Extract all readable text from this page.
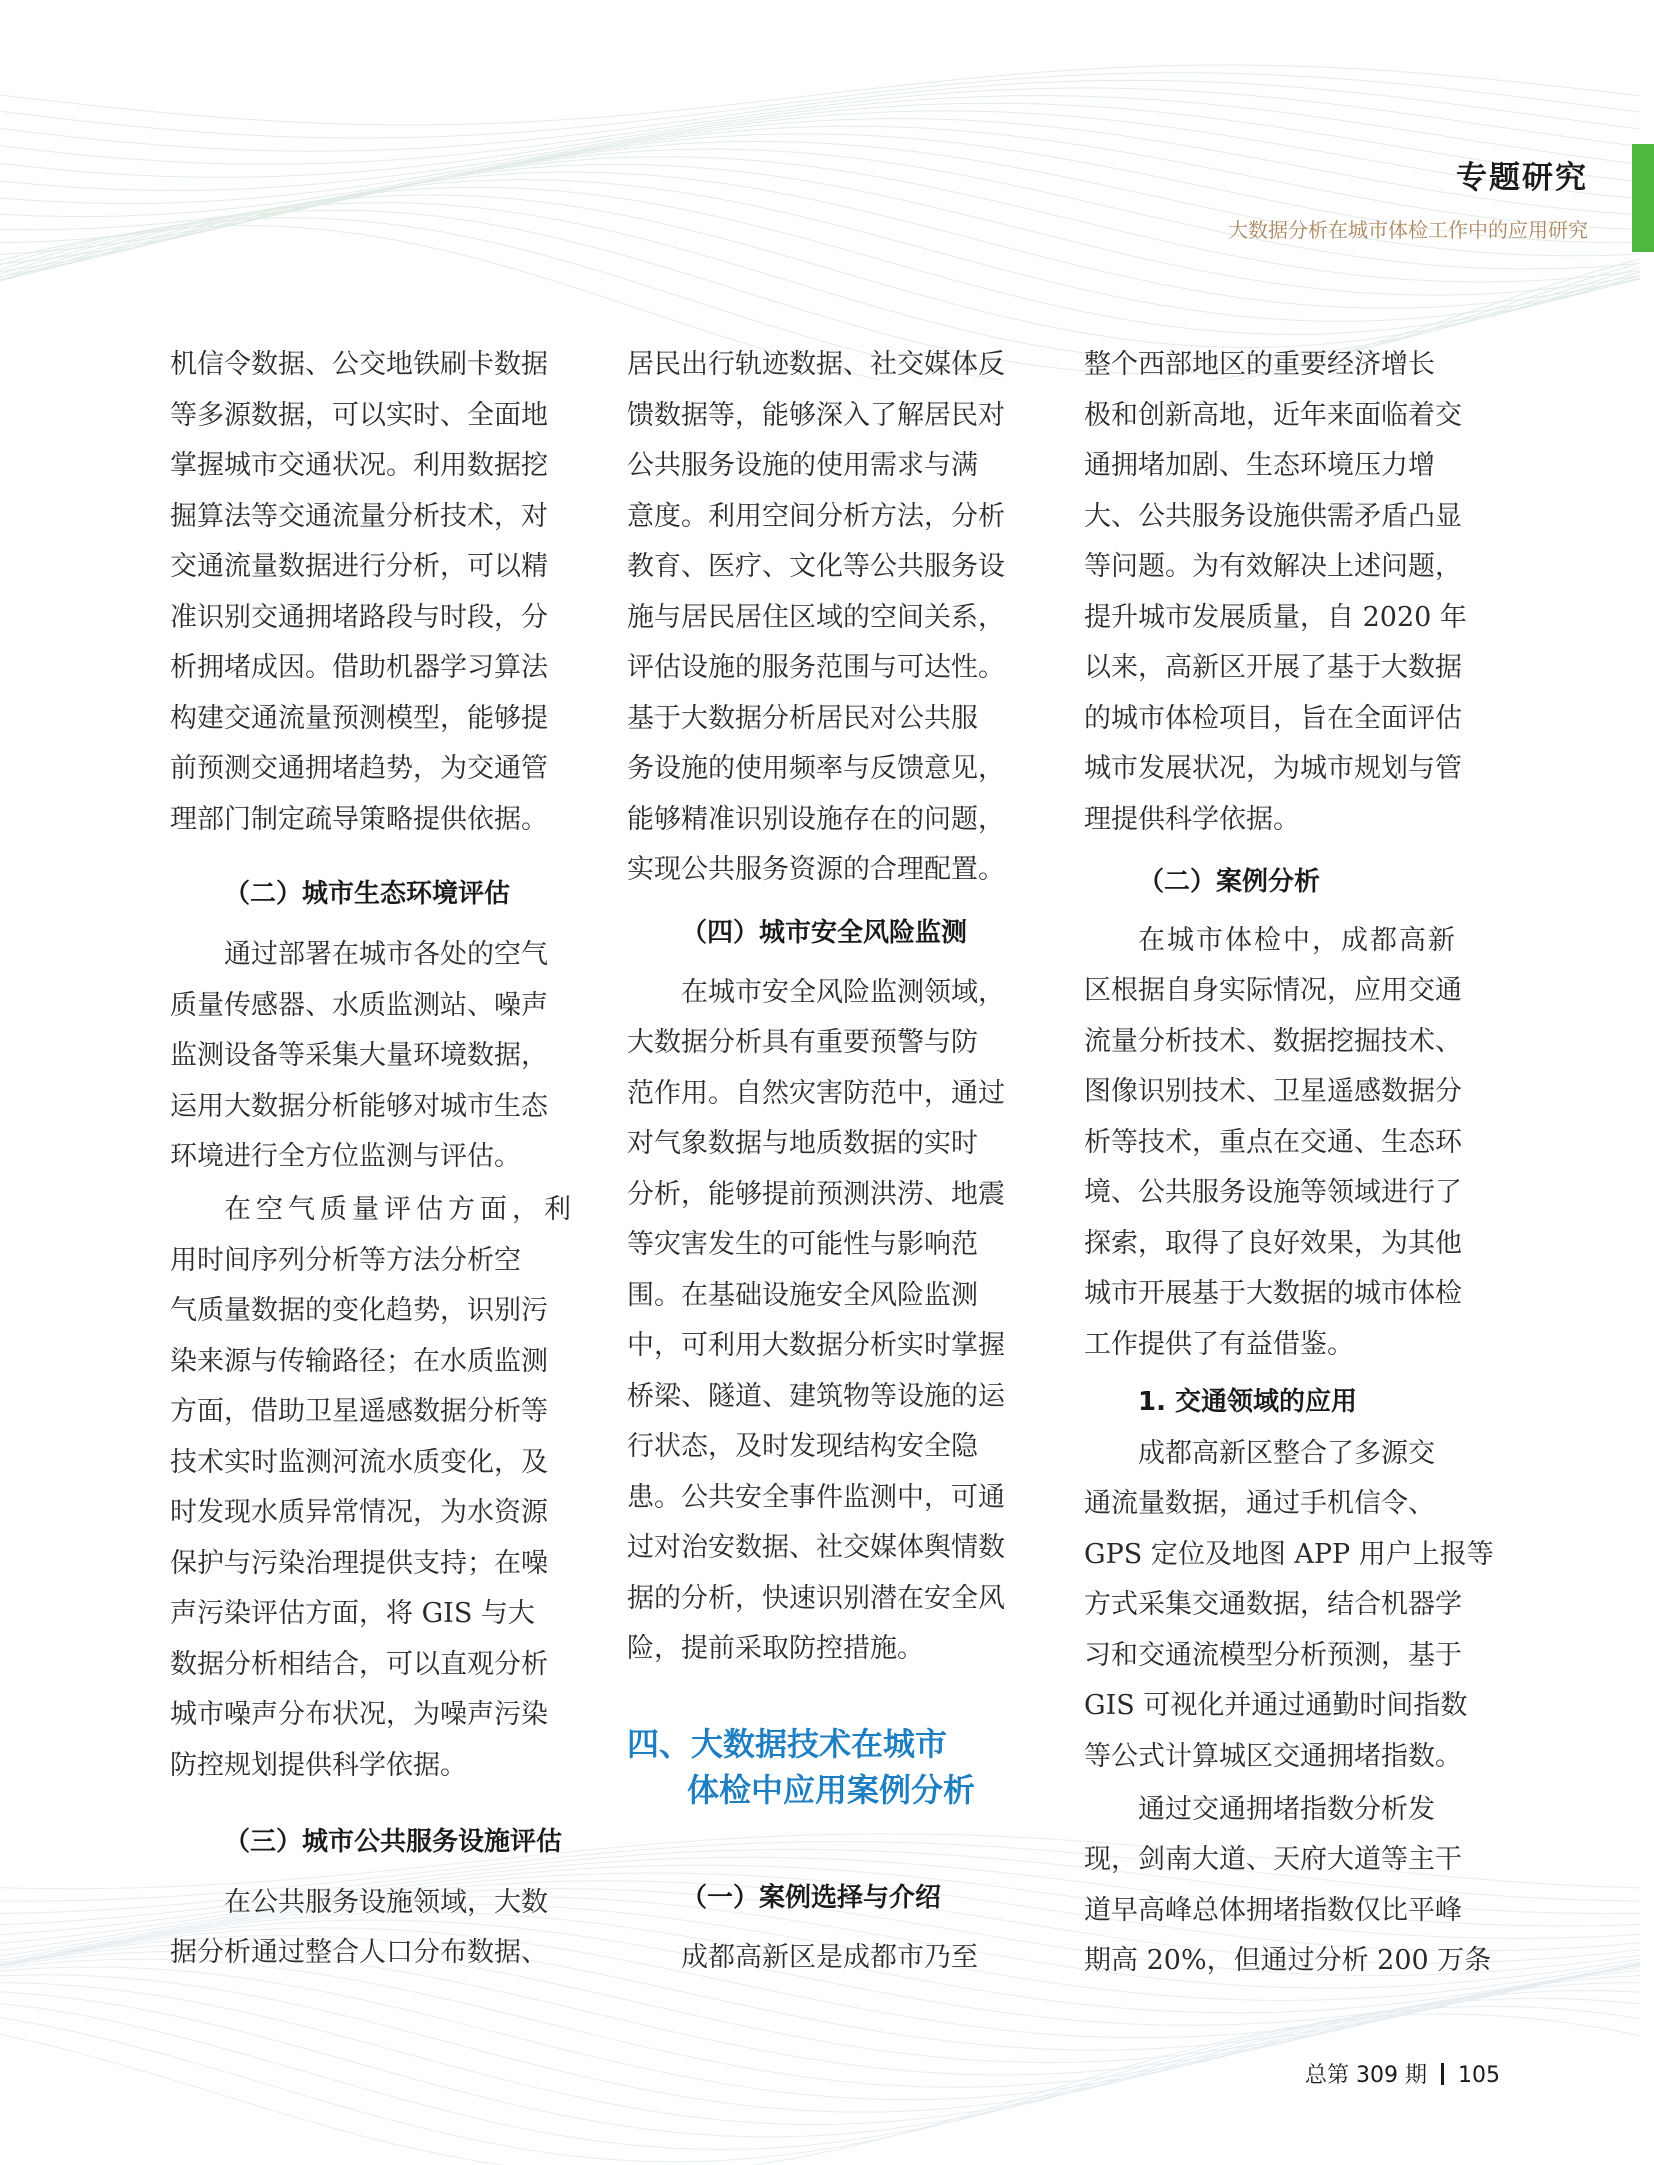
专题研究
大数据分析在城市体检工作中的应用研究
机信令数据、公交地铁刷卡数据
等多源数据，可以实时、全面地
掌握城市交通状况。利用数据挖
掘算法等交通流量分析技术，对
交通流量数据进行分析，可以精
准识别交通拥堵路段与时段，分
析拥堵成因。借助机器学习算法
构建交通流量预测模型，能够提
前预测交通拥堵趋势，为交通管
理部门制定疏导策略提供依据。
（二）城市生态环境评估
通过部署在城市各处的空气
质量传感器、水质监测站、噪声
监测设备等采集大量环境数据，
运用大数据分析能够对城市生态
环境进行全方位监测与评估。
在空气质量评估方面，利
用时间序列分析等方法分析空
气质量数据的变化趋势，识别污
染来源与传输路径；在水质监测
方面，借助卫星遥感数据分析等
技术实时监测河流水质变化，及
时发现水质异常情况，为水资源
保护与污染治理提供支持；在噪
声污染评估方面，将 GIS 与大
数据分析相结合，可以直观分析
城市噪声分布状况，为噪声污染
防控规划提供科学依据。
（三）城市公共服务设施评估
在公共服务设施领域，大数
据分析通过整合人口分布数据、
居民出行轨迹数据、社交媒体反
馈数据等，能够深入了解居民对
公共服务设施的使用需求与满
意度。利用空间分析方法，分析
教育、医疗、文化等公共服务设
施与居民居住区域的空间关系，
评估设施的服务范围与可达性。
基于大数据分析居民对公共服
务设施的使用频率与反馈意见，
能够精准识别设施存在的问题，
实现公共服务资源的合理配置。
（四）城市安全风险监测
在城市安全风险监测领域，
大数据分析具有重要预警与防
范作用。自然灾害防范中，通过
对气象数据与地质数据的实时
分析，能够提前预测洪涝、地震
等灾害发生的可能性与影响范
围。在基础设施安全风险监测
中，可利用大数据分析实时掌握
桥梁、隧道、建筑物等设施的运
行状态，及时发现结构安全隐
患。公共安全事件监测中，可通
过对治安数据、社交媒体舆情数
据的分析，快速识别潜在安全风
险，提前采取防控措施。
四、大数据技术在城市
体检中应用案例分析
（一）案例选择与介绍
成都高新区是成都市乃至
整个西部地区的重要经济增长
极和创新高地，近年来面临着交
通拥堵加剧、生态环境压力增
大、公共服务设施供需矛盾凸显
等问题。为有效解决上述问题，
提升城市发展质量，自 2020 年
以来，高新区开展了基于大数据
的城市体检项目，旨在全面评估
城市发展状况，为城市规划与管
理提供科学依据。
（二）案例分析
在城市体检中，成都高新
区根据自身实际情况，应用交通
流量分析技术、数据挖掘技术、
图像识别技术、卫星遥感数据分
析等技术，重点在交通、生态环
境、公共服务设施等领域进行了
探索，取得了良好效果，为其他
城市开展基于大数据的城市体检
工作提供了有益借鉴。
1. 交通领域的应用
成都高新区整合了多源交
通流量数据，通过手机信令、
GPS 定位及地图 APP 用户上报等
方式采集交通数据，结合机器学
习和交通流模型分析预测，基于
GIS 可视化并通过通勤时间指数
等公式计算城区交通拥堵指数。
通过交通拥堵指数分析发
现，剑南大道、天府大道等主干
道早高峰总体拥堵指数仅比平峰
期高 20%，但通过分析 200 万条
总第 309 期 105
